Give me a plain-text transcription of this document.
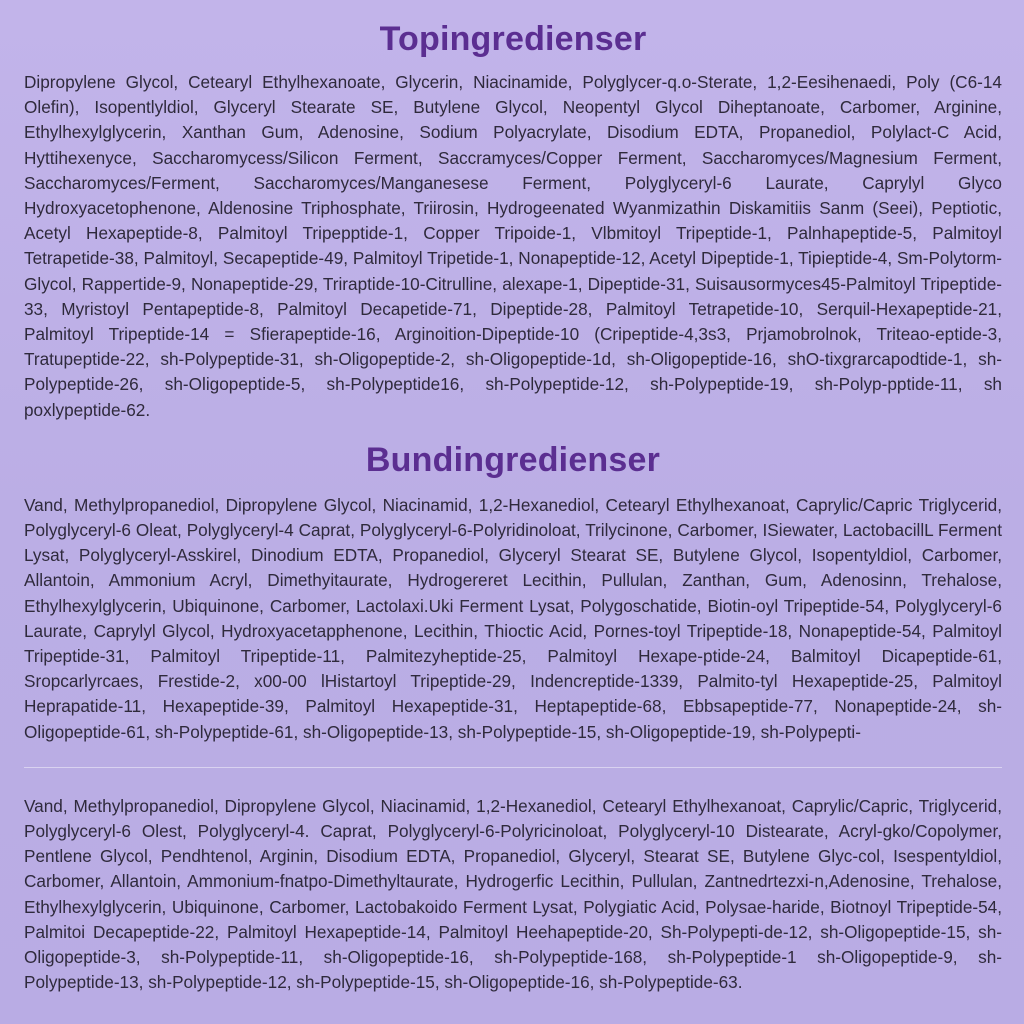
Topingredienser

Dipropylene Glycol, Cetearyl Ethylhexanoate, Glycerin, Niacinamide, Polyglycer-q.o-Sterate, 1,2-Eesihenaedi, Poly (C6-14 Olefin), Isopentlyldiol, Glyceryl Stearate SE, Butylene Glycol, Neopentyl Glycol Diheptanoate, Carbomer, Arginine, Ethylhexylglycerin, Xanthan Gum, Adenosine, Sodium Polyacrylate, Disodium EDTA, Propanediol, Polylact-C Acid, Hyttihexenyce, Saccharomycess/Silicon Ferment, Saccramyces/Copper Ferment, Saccharomyces/Magnesium Ferment, Saccharomyces/Ferment, Saccharomyces/Manganesese Ferment, Polyglyceryl-6 Laurate, Caprylyl Glyco Hydroxyacetophenone, Aldenosine Triphosphate, Triirosin, Hydrogeenated Wyanmizathin Diskamitiis Sanm (Seei), Peptiotic, Acetyl Hexapeptide-8, Palmitoyl Tripepptide-1, Copper Tripoide-1, Vlbmitoyl Tripeptide-1, Palnhapeptide-5, Palmitoyl Tetrapetide-38, Palmitoyl, Secapeptide-49, Palmitoyl Tripetide-1, Nonapeptide-12, Acetyl Dipeptide-1, Tipieptide-4, Sm-Polytorm-Glycol, Rappertide-9, Nonapeptide-29, Triraptide-10-Citrulline, alexape-1, Dipeptide-31, Suisausormyces45-Palmitoyl Tripeptide-33, Myristoyl Pentapeptide-8, Palmitoyl Decapetide-71, Dipeptide-28, Palmitoyl Tetrapetide-10, Serquil-Hexapeptide-21, Palmitoyl Tripeptide-14 = Sfierapeptide-16, Arginoition-Dipeptide-10 (Cripeptide-4,3s3, Prjamobrolnok, Triteao-eptide-3, Tratupeptide-22, sh-Polypeptide-31, sh-Oligopeptide-2, sh-Oligopeptide-1d, sh-Oligopeptide-16, shO-tixgrarcapodtide-1, sh-Polypeptide-26, sh-Oligopeptide-5, sh-Polypeptide16, sh-Polypeptide-12, sh-Polypeptide-19, sh-Polyp-pptide-11, sh poxlypeptide-62.

Bundingredienser

Vand, Methylpropanediol, Dipropylene Glycol, Niacinamid, 1,2-Hexanediol, Cetearyl Ethylhexanoat, Caprylic/Capric Triglycerid, Polyglyceryl-6 Oleat, Polyglyceryl-4 Caprat, Polyglyceryl-6-Polyridinoloat, Trilycinone, Carbomer, ISiewater, LactobacillL Ferment Lysat, Polyglyceryl-Asskirel, Dinodium EDTA, Propanediol, Glyceryl Stearat SE, Butylene Glycol, Isopentyldiol, Carbomer, Allantoin, Ammonium Acryl, Dimethyitaurate, Hydrogereret Lecithin, Pullulan, Zanthan, Gum, Adenosinn, Trehalose, Ethylhexylglycerin, Ubiquinone, Carbomer, Lactolaxi.Uki Ferment Lysat, Polygoschatide, Biotin-oyl Tripeptide-54, Polyglyceryl-6 Laurate, Caprylyl Glycol, Hydroxyacetapphenone, Lecithin, Thioctic Acid, Pornes-toyl Tripeptide-18, Nonapeptide-54, Palmitoyl Tripeptide-31, Palmitoyl Tripeptide-11, Palmitezyheptide-25, Palmitoyl Hexape-ptide-24, Balmitoyl Dicapeptide-61, Sropcarlyrcaes, Frestide-2, x00-00 lHistartoyl Tripeptide-29, Indencreptide-1339, Palmito-tyl Hexapeptide-25, Palmitoyl Heprapatide-11, Hexapeptide-39, Palmitoyl Hexapeptide-31, Heptapeptide-68, Ebbsapeptide-77, Nonapeptide-24, sh-Oligopeptide-61, sh-Polypeptide-61, sh-Oligopeptide-13, sh-Polypeptide-15, sh-Oligopeptide-19, sh-Polypepti-

Vand, Methylpropanediol, Dipropylene Glycol, Niacinamid, 1,2-Hexanediol, Cetearyl Ethylhexanoat, Caprylic/Capric, Triglycerid, Polyglyceryl-6 Olest, Polyglyceryl-4. Caprat, Polyglyceryl-6-Polyricinoloat, Polyglyceryl-10 Distearate, Acryl-gko/Copolymer, Pentlene Glycol, Pendhtenol, Arginin, Disodium EDTA, Propanediol, Glyceryl, Stearat SE, Butylene Glyc-col, Isespentyldiol, Carbomer, Allantoin, Ammonium-fnatpo-Dimethyltaurate, Hydrogerfic Lecithin, Pullulan, Zantnedrtezxi-n,Adenosine, Trehalose, Ethylhexylglycerin, Ubiquinone, Carbomer, Lactobakoido Ferment Lysat, Polygiatic Acid, Polysae-haride, Biotnoyl Tripeptide-54, Palmitoi Decapeptide-22, Palmitoyl Hexapeptide-14, Palmitoyl Heehapeptide-20, Sh-Polypepti-de-12, sh-Oligopeptide-15, sh-Oligopeptide-3, sh-Polypeptide-11, sh-Oligopeptide-16, sh-Polypeptide-168, sh-Polypeptide-1 sh-Oligopeptide-9, sh-Polypeptide-13, sh-Polypeptide-12, sh-Polypeptide-15, sh-Oligopeptide-16, sh-Polypeptide-63.
